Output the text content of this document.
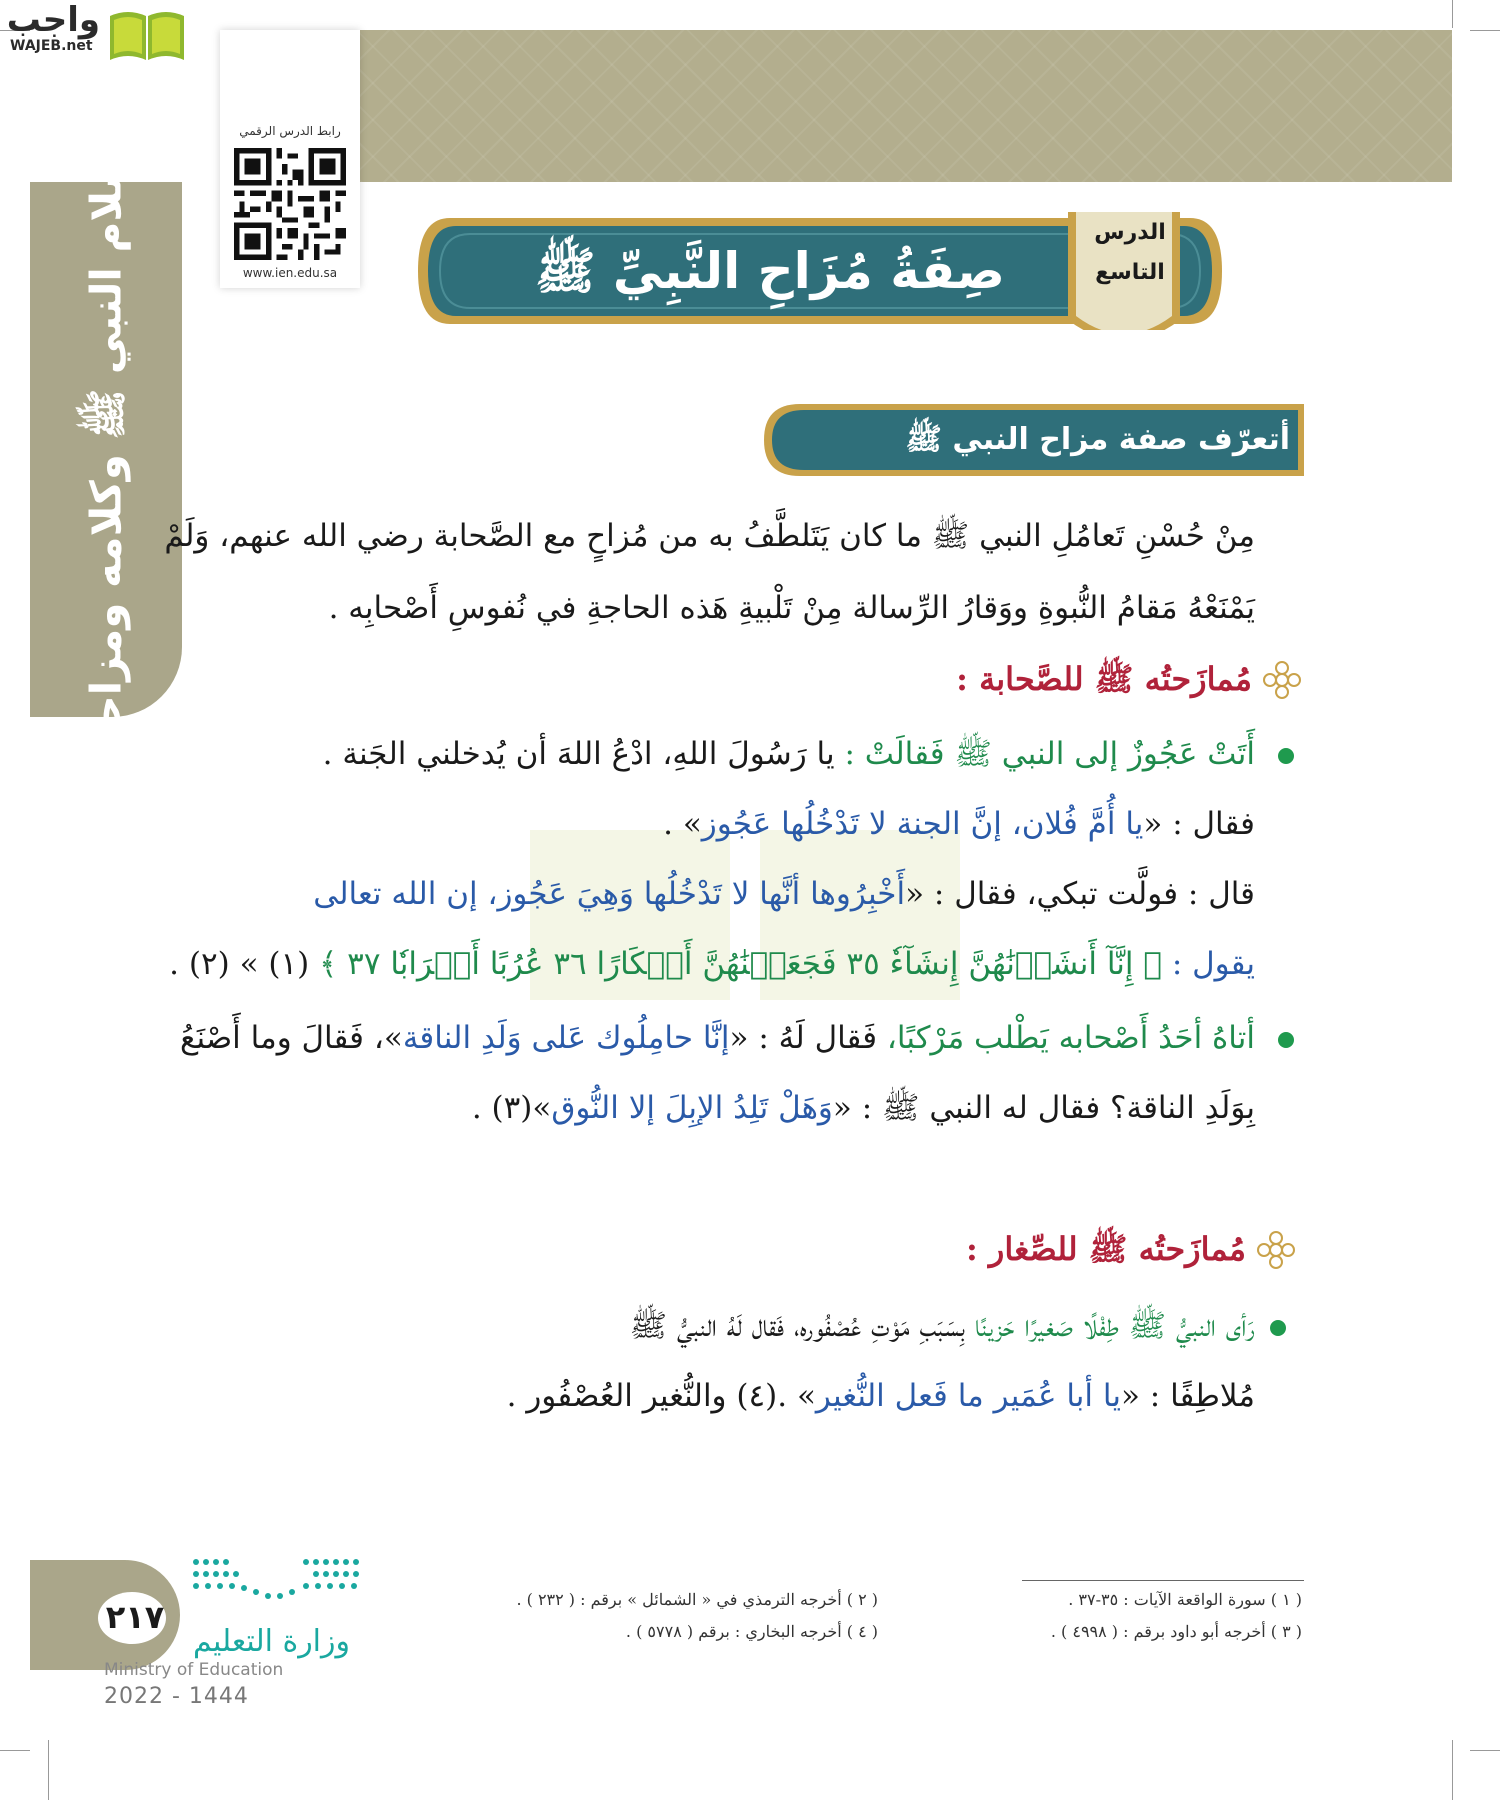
واجب
WAJEB.net
سلام النبي ﷺ وكلامه ومزاحه
رابط الدرس الرقمي
www.ien.edu.sa	صِفَةُ مُزَاحِ النَّبِيِّ ﷺ
الدرس
التاسع
أتعرّف صفة مزاح النبي ﷺ
مِنْ حُسْنِ تَعامُلِ النبي ﷺ ما كان يَتَلطَّفُ به من مُزاحٍ مع الصَّحابة رضي الله عنهم، وَلَمْ
يَمْنَعْهُ مَقامُ النُّبوةِ ووَقارُ الرِّسالة مِنْ تَلْبيةِ هَذه الحاجةِ في نُفوسِ أَصْحابِه .
مُمازَحتُه ﷺ للصَّحابة :
أَتَتْ عَجُوزٌ إلى النبي ﷺ فَقالَتْ : يا رَسُولَ اللهِ، ادْعُ اللهَ أن يُدخلني الجَنة .
فقال : «يا أُمَّ فُلان، إنَّ الجنة لا تَدْخُلُها عَجُوز» .
قال : فولَّت تبكي، فقال : «أَخْبِرُوها أنَّها لا تَدْخُلُها وَهِيَ عَجُوز، إن الله تعالى
يقول : ﴿ إِنَّآ أَنشَأۡنَٰهُنَّ إِنشَآءٗ ٣٥ فَجَعَلۡنَٰهُنَّ أَبۡكَارًا ٣٦ عُرُبًا أَتۡرَابٗا ٣٧ ﴾ (١) » (٢) .
أتاهُ أحَدُ أَصْحابه يَطْلب مَرْكبًا، فَقال لَهُ : «إنَّا حامِلُوك عَلى وَلَدِ الناقة»، فَقالَ وما أَصْنَعُ
بِوَلَدِ الناقة؟ فقال له النبي ﷺ : «وَهَلْ تَلِدُ الإبِلَ إلا النُّوق»(٣) .
مُمازَحتُه ﷺ للصِّغار :
رَأى النبيُّ ﷺ طِفْلًا صَغيرًا حَزينًا بِسَبَبِ مَوْتِ عُصْفُوره، فَقال لَهُ النبيُّ ﷺ
مُلاطِفًا : «يا أبا عُمَير ما فَعل النُّغير» .(٤) والنُّغير العُصْفُور .
( ١ ) سورة الواقعة الآيات : ٣٥-٣٧ .
( ٢ ) أخرجه الترمذي في « الشمائل » برقم : ( ٢٣٢ ) .
( ٣ ) أخرجه أبو داود برقم : ( ٤٩٩٨ ) .
( ٤ ) أخرجه البخاري : برقم ( ٥٧٧٨ ) .
٢١٧
وزارة التعليم
Ministry of Education
2022 - 1444
